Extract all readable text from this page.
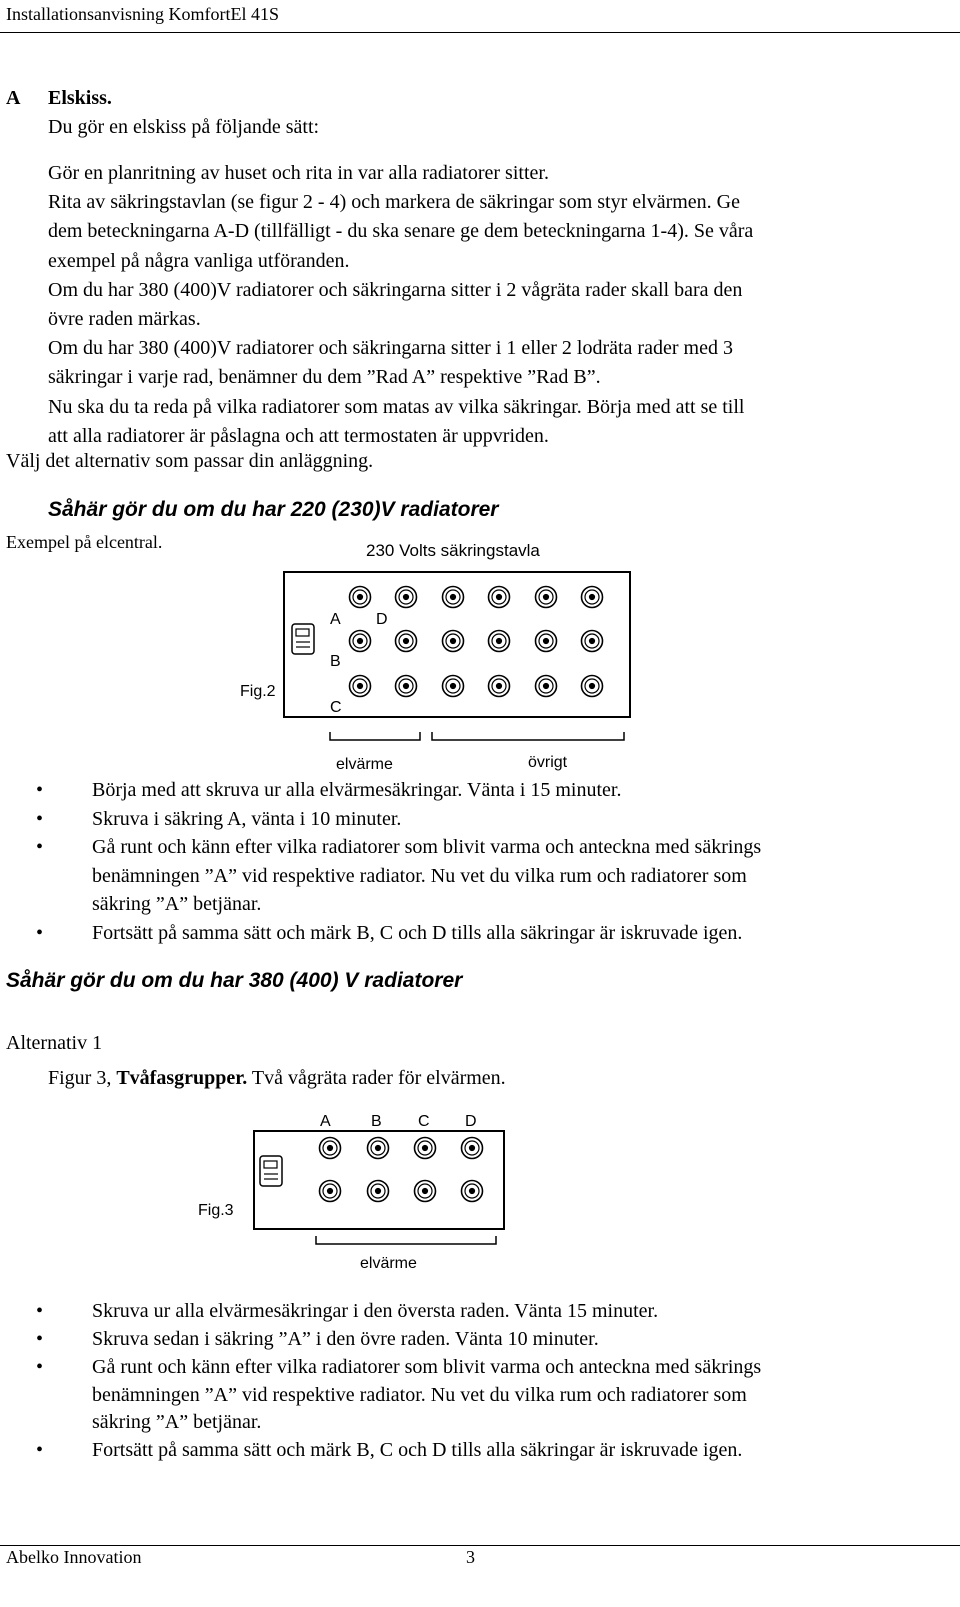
Installationsanvisning KomfortEl 41S
A Elskiss.
Du gör en elskiss på följande sätt:
Gör en planritning av huset och rita in var alla radiatorer sitter.
Rita av säkringstavlan (se figur 2 - 4) och markera de säkringar som styr elvärmen. Ge
dem beteckningarna A-D (tillfälligt - du ska senare ge dem beteckningarna 1-4). Se våra
exempel på några vanliga utföranden.
Om du har 380 (400)V radiatorer och säkringarna sitter i 2 vågräta rader skall bara den
övre raden märkas.
Om du har 380 (400)V radiatorer och säkringarna sitter i 1 eller 2 lodräta rader med 3
säkringar i varje rad, benämner du dem ”Rad A” respektive ”Rad B”.
Nu ska du ta reda på vilka radiatorer som matas av vilka säkringar. Börja med att se till
att alla radiatorer är påslagna och att termostaten är uppvriden.
Välj det alternativ som passar din anläggning.
Såhär gör du om du har 220 (230)V radiatorer
Exempel på elcentral.	230 Volts säkringstavla
Fig.2
A D
B
C
elvärme	övrigt
• Börja med att skruva ur alla elvärmesäkringar. Vänta i 15 minuter.
• Skruva i säkring A, vänta i 10 minuter.
• Gå runt och känn efter vilka radiatorer som blivit varma och anteckna med säkrings
benämningen ”A” vid respektive radiator. Nu vet du vilka rum och radiatorer som
säkring ”A” betjänar.
• Fortsätt på samma sätt och märk B, C och D tills alla säkringar är iskruvade igen.
Såhär gör du om du har 380 (400) V radiatorer
Alternativ 1
Figur 3, Tvåfasgrupper. Två vågräta rader för elvärmen.
A	B C D
Fig.3
elvärme
• Skruva ur alla elvärmesäkringar i den översta raden. Vänta 15 minuter.
• Skruva sedan i säkring ”A” i den övre raden. Vänta 10 minuter.
• Gå runt och känn efter vilka radiatorer som blivit varma och anteckna med säkrings
benämningen ”A” vid respektive radiator. Nu vet du vilka rum och radiatorer som
säkring ”A” betjänar.
• Fortsätt på samma sätt och märk B, C och D tills alla säkringar är iskruvade igen.
Abelko Innovation	3
